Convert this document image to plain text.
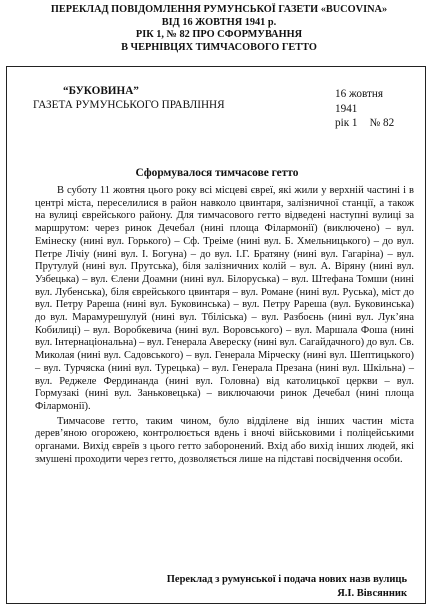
ПЕРЕКЛАД ПОВІДОМЛЕННЯ РУМУНСЬКОЇ ГАЗЕТИ «BUCOVINA»
ВІД 16 ЖОВТНЯ 1941 р.
РІК 1, № 82 ПРО СФОРМУВАННЯ
В ЧЕРНІВЦЯХ ТИМЧАСОВОГО ГЕТТО
“БУКОВИНА”
ГАЗЕТА РУМУНСЬКОГО ПРАВЛІННЯ
16 жовтня
1941
рік 1 № 82
Сформувалося тимчасове гетто

В суботу 11 жовтня цього року всі місцеві євреї, які жили у верхній частині і в центрі міста, переселилися в район навколо цвинтаря, залізничної станції, а також на вулиці єврейського району. Для тимчасового гетто відведені наступні вулиці за маршрутом: через ринок Дечебал (нині площа Філармонії) (виключено) – вул. Емінеску (нині вул. Горького) – Сф. Треіме (нині вул. Б. Хмельницького) – до вул. Петре Лічіу (нині вул. І. Богуна) – до вул. І.Г. Братяну (нині вул. Гагаріна) – вул. Прутулуй (нині вул. Прутська), біля залізничних колій – вул. А. Віряну (нині вул. Узбецька) – вул. Єлени Доамни (нині вул. Білоруська) – вул. Штефана Томши (нині вул. Лубенська), біля єврейського цвинтаря – вул. Романе (нині вул. Руська), міст до вул. Петру Рареша (нині вул. Буковинська) – вул. Петру Рареша (вул. Буковинська) до вул. Марамурешулуй (нині вул. Тбіліська) – вул. Разбоєнь (нині вул. Лук’яна Кобилиці) – вул. Воробкевича (нині вул. Воровського) – вул. Маршала Фоша (нині вул. Інтернаціональна) – вул. Генерала Авереску (нині вул. Сагайдачного) до вул. Св. Миколая (нині вул. Садовського) – вул. Генерала Мірческу (нині вул. Шептицького) – вул. Турчяска (нині вул. Турецька) – вул. Генерала Презана (нині вул. Шкільна) – вул. Реджеле Фердинанда (нині вул. Головна) від католицької церкви – вул. Гормузакі (нині вул. Заньковецька) – виключаючи ринок Дечебал (нині площа Філармонії).

Тимчасове гетто, таким чином, було відділене від інших частин міста дерев’яною огорожею, контролюється вдень і вночі військовими і поліцейськими органами. Вихід євреїв з цього гетто заборонений. Вхід або вихід інших людей, які змушені проходити через гетто, дозволяється лише на підставі посвідчення особи.

Переклад з румунської і подача нових назв вулиць
Я.І. Вівсянник
